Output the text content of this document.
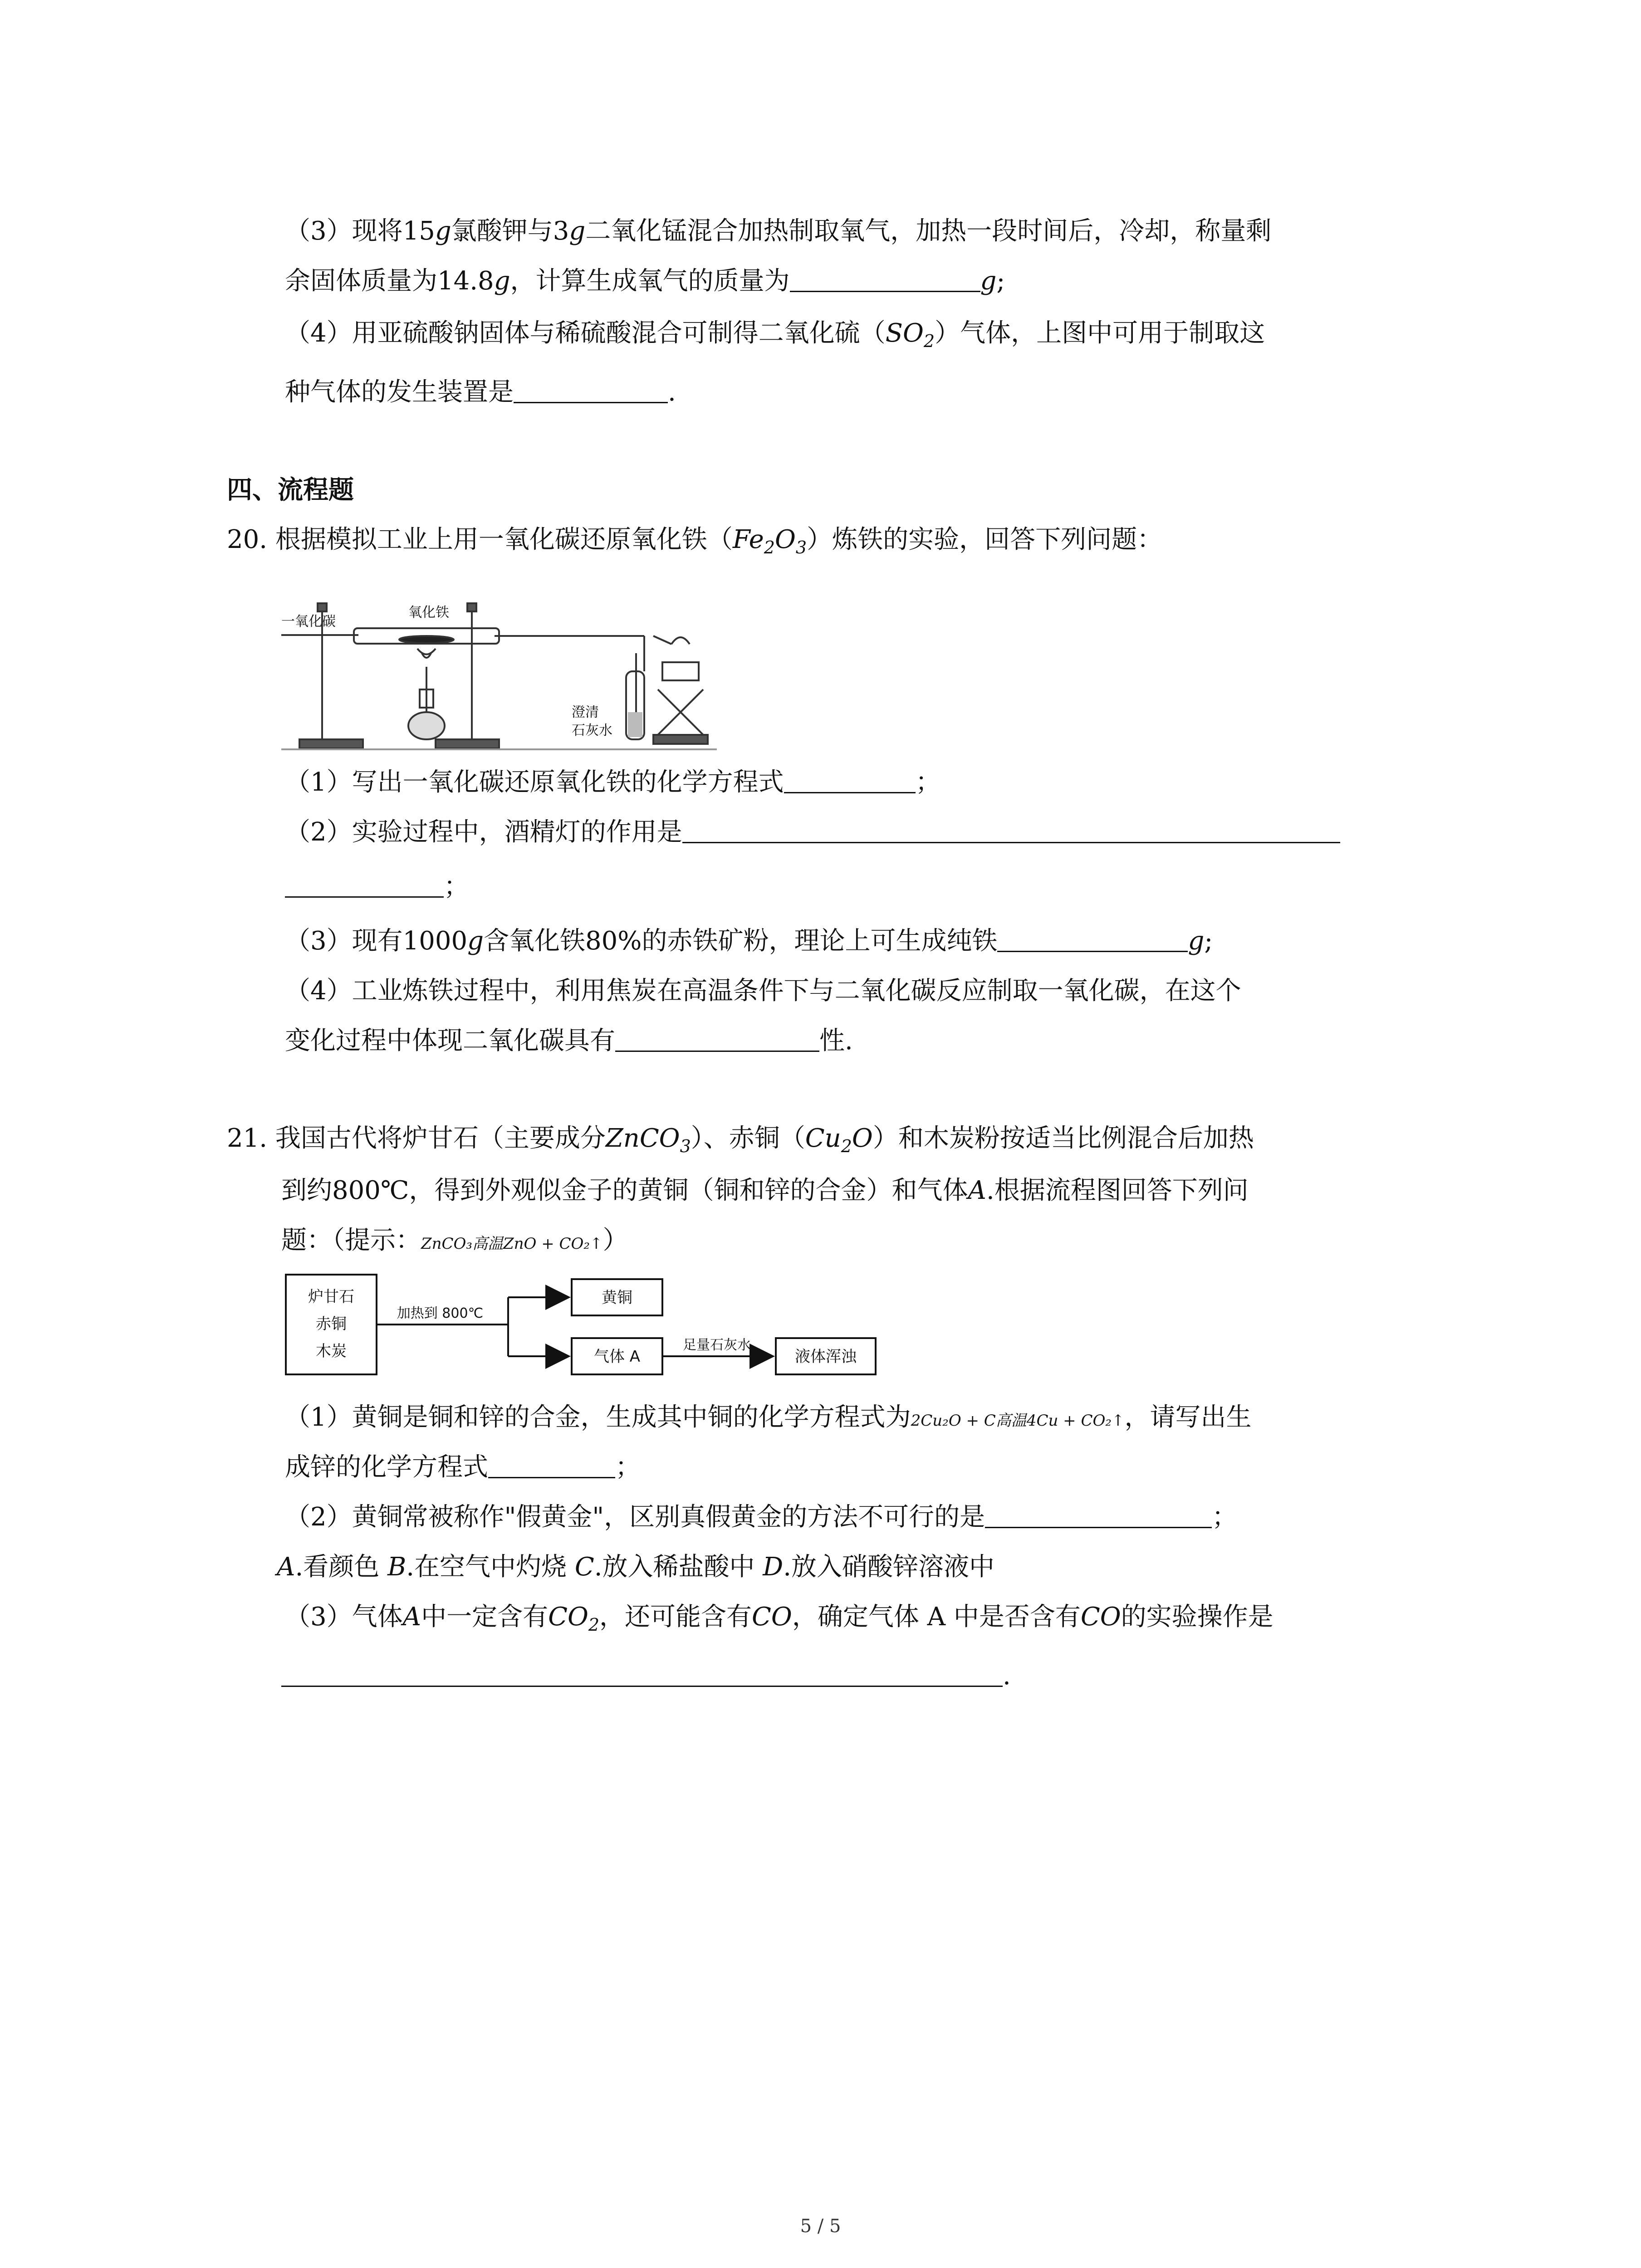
（3）现将15g氯酸钾与3g二氧化锰混合加热制取氧气，加热一段时间后，冷却，称量剩
余固体质量为14.8g，计算生成氧气的质量为	g;
（4）用亚硫酸钠固体与稀硫酸混合可制得二氧化硫$(SO_2)$气体，上图中可用于制取这
种气体的发生装置是	.
四、流程题
20. 根据模拟工业上用一氧化碳还原氧化铁$(Fe_2O_3)$炼铁的实验，回答下列问题：
一氧化碳
氧化铁
澄清
石灰水
（1）写出一氧化碳还原氧化铁的化学方程式	；
（2）实验过程中，酒精灯的作用是
；
（3）现有1000g含氧化铁80%的赤铁矿粉，理论上可生成纯铁	g;
（4）工业炼铁过程中，利用焦炭在高温条件下与二氧化碳反应制取一氧化碳，在这个
变化过程中体现二氧化碳具有	性.
21. 我国古代将炉甘石（主要成分ZnCO$_3$）、赤铜$(Cu_2O)$和木炭粉按适当比例混合后加热
到约800℃，得到外观似金子的黄铜（铜和锌的合金）和气体A.根据流程图回答下列问
题：（提示：ZnCO₃高温ZnO + CO₂↑）
炉甘石
赤铜
木炭
加热到 800℃
黄铜
气体 A
足量石灰水
液体浑浊
（1）黄铜是铜和锌的合金，生成其中铜的化学方程式为2Cu₂O + C高温4Cu + CO₂↑，请写出生
成锌的化学方程式	；
（2）黄铜常被称作"假黄金"，区别真假黄金的方法不可行的是	；
A.看颜色 B.在空气中灼烧 C.放入稀盐酸中 D.放入硝酸锌溶液中
（3）气体A中一定含有$CO_2$，还可能含有CO，确定气体 A 中是否含有CO的实验操作是
.
5 / 5
